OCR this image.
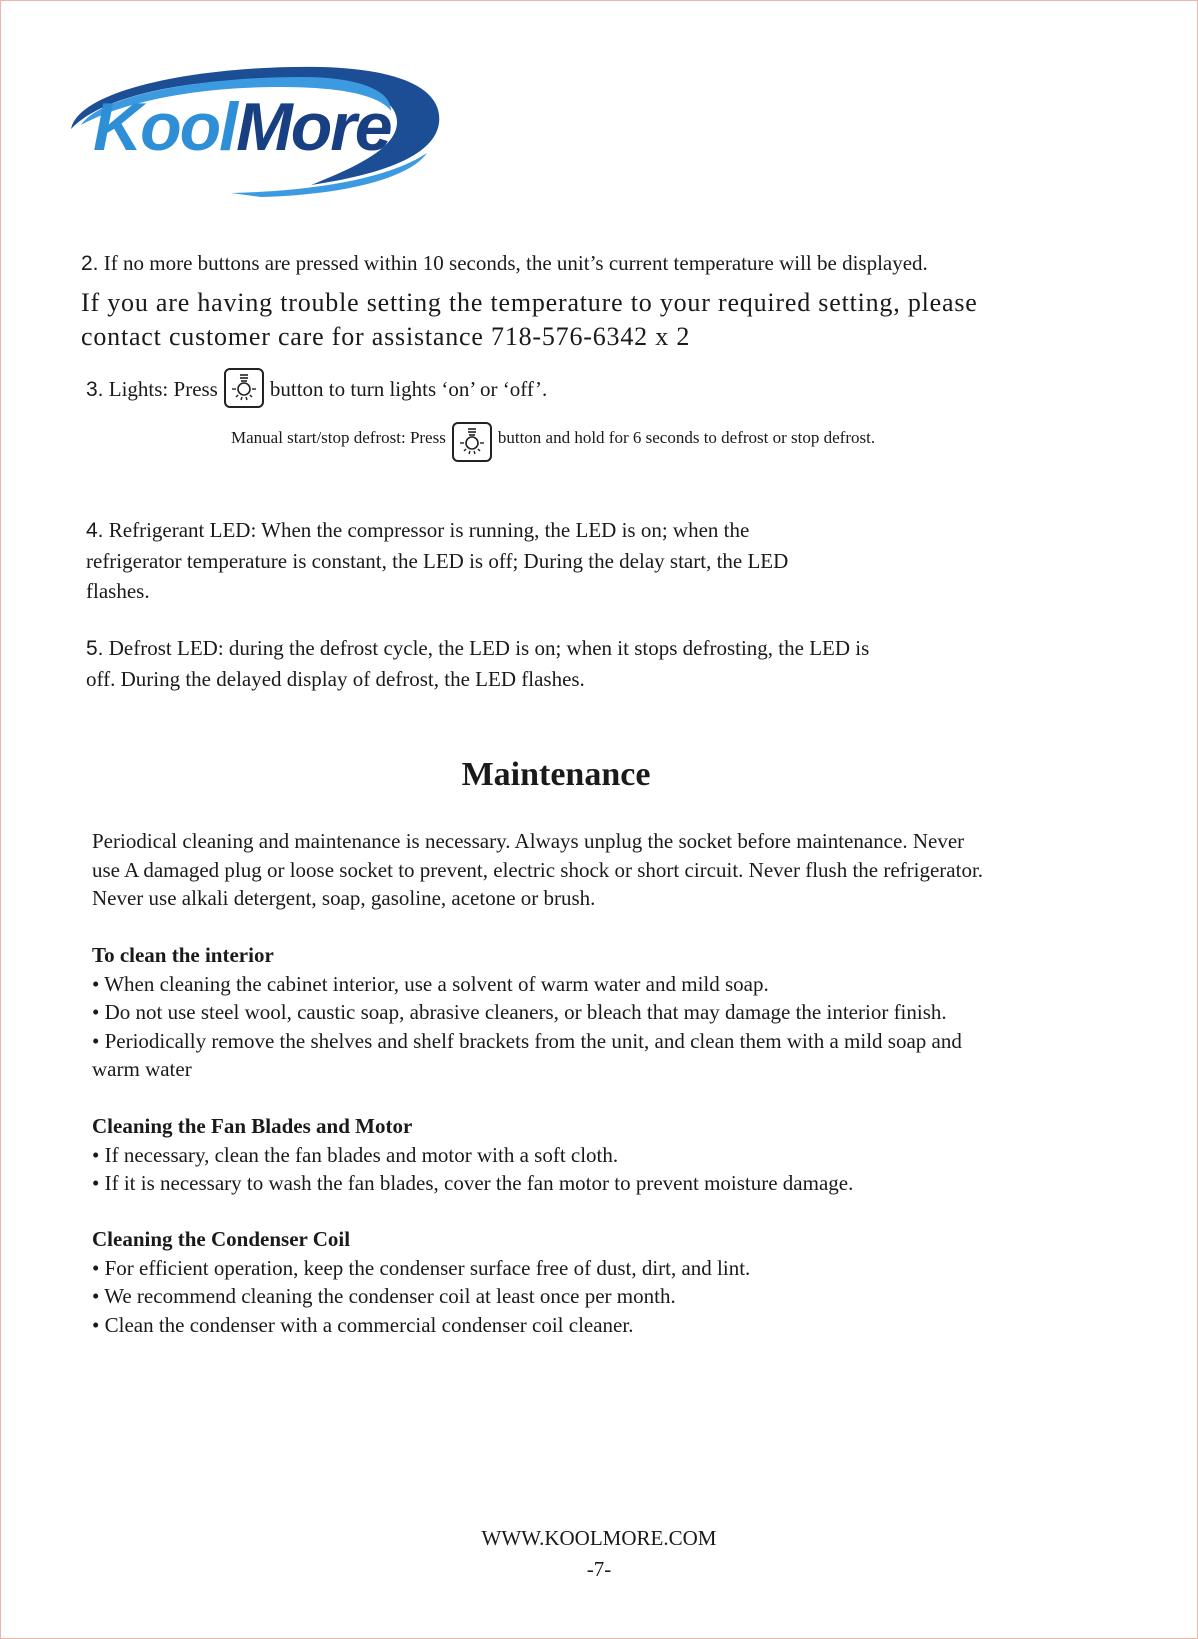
KoolMore
2. If no more buttons are pressed within 10 seconds, the unit’s current temperature will be displayed.
If you are having trouble setting the temperature to your required setting, please
contact customer care for assistance 718-576-6342 x 2
3. Lights: Press button to turn lights ‘on’ or ‘off’.
Manual start/stop defrost: Press	button and hold for 6 seconds to defrost or stop defrost.
4. Refrigerant LED: When the compressor is running, the LED is on; when the
refrigerator temperature is constant, the LED is off; During the delay start, the LED
flashes.
5. Defrost LED: during the defrost cycle, the LED is on; when it stops defrosting, the LED is
off. During the delayed display of defrost, the LED flashes.
Maintenance
Periodical cleaning and maintenance is necessary. Always unplug the socket before maintenance. Never
use A damaged plug or loose socket to prevent, electric shock or short circuit. Never flush the refrigerator.
Never use alkali detergent, soap, gasoline, acetone or brush.
To clean the interior
• When cleaning the cabinet interior, use a solvent of warm water and mild soap.
• Do not use steel wool, caustic soap, abrasive cleaners, or bleach that may damage the interior finish.
• Periodically remove the shelves and shelf brackets from the unit, and clean them with a mild soap and
warm water
Cleaning the Fan Blades and Motor
• If necessary, clean the fan blades and motor with a soft cloth.
• If it is necessary to wash the fan blades, cover the fan motor to prevent moisture damage.
Cleaning the Condenser Coil
• For efficient operation, keep the condenser surface free of dust, dirt, and lint.
• We recommend cleaning the condenser coil at least once per month.
• Clean the condenser with a commercial condenser coil cleaner.
WWW.KOOLMORE.COM
-7-
